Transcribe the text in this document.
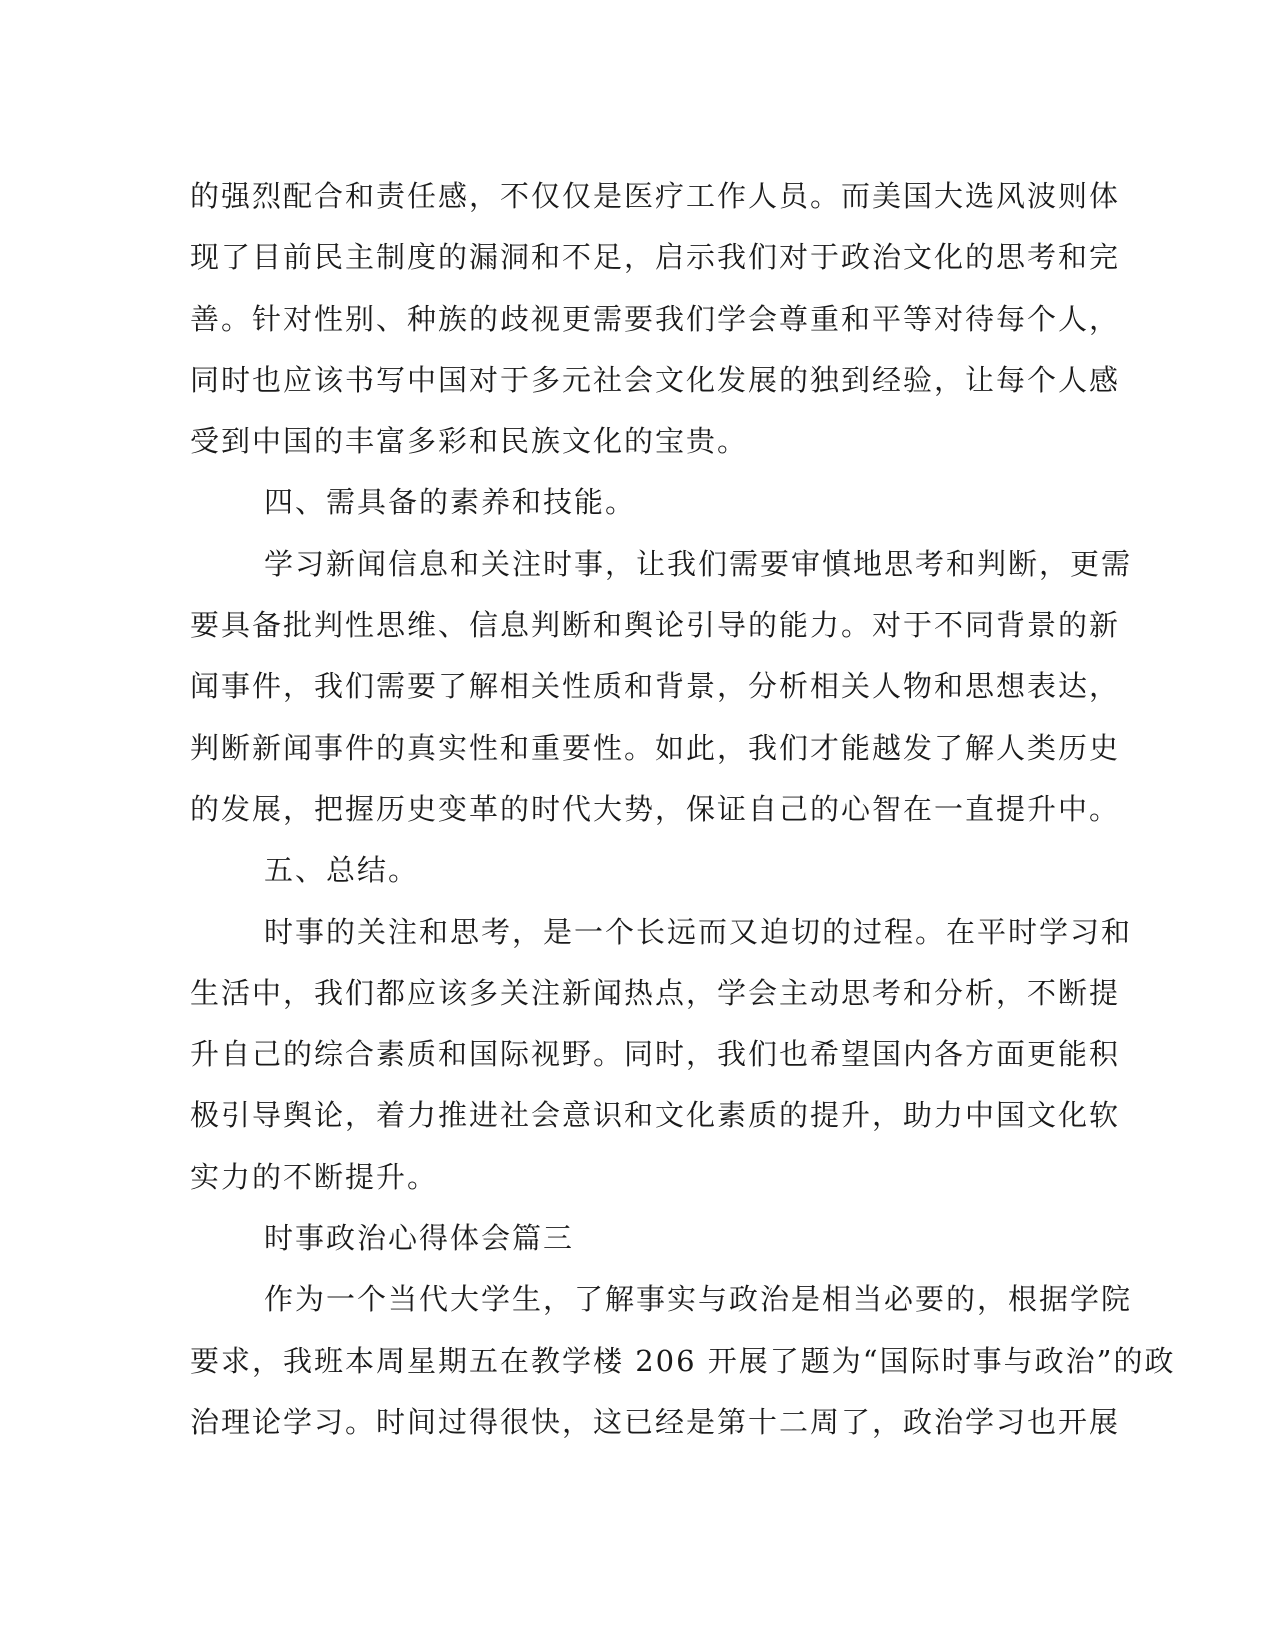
的强烈配合和责任感，不仅仅是医疗工作人员。而美国大选风波则体
现了目前民主制度的漏洞和不足，启示我们对于政治文化的思考和完
善。针对性别、种族的歧视更需要我们学会尊重和平等对待每个人，
同时也应该书写中国对于多元社会文化发展的独到经验，让每个人感
受到中国的丰富多彩和民族文化的宝贵。
四、需具备的素养和技能。
学习新闻信息和关注时事，让我们需要审慎地思考和判断，更需
要具备批判性思维、信息判断和舆论引导的能力。对于不同背景的新
闻事件，我们需要了解相关性质和背景，分析相关人物和思想表达，
判断新闻事件的真实性和重要性。如此，我们才能越发了解人类历史
的发展，把握历史变革的时代大势，保证自己的心智在一直提升中。
五、总结。
时事的关注和思考，是一个长远而又迫切的过程。在平时学习和
生活中，我们都应该多关注新闻热点，学会主动思考和分析，不断提
升自己的综合素质和国际视野。同时，我们也希望国内各方面更能积
极引导舆论，着力推进社会意识和文化素质的提升，助力中国文化软
实力的不断提升。
时事政治心得体会篇三
作为一个当代大学生，了解事实与政治是相当必要的，根据学院
要求，我班本周星期五在教学楼 206 开展了题为“国际时事与政治”的政
治理论学习。时间过得很快，这已经是第十二周了，政治学习也开展
